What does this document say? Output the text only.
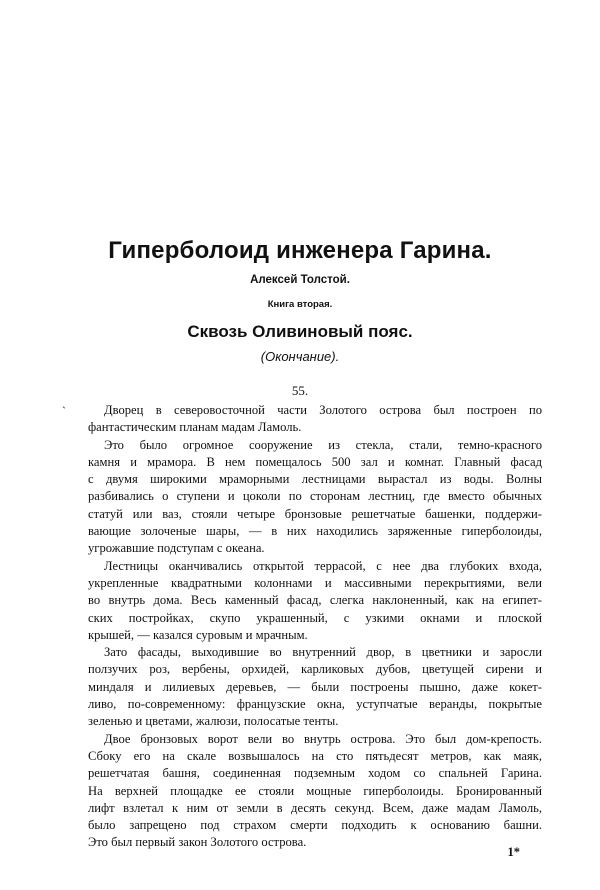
Гиперболоид инженера Гарина.
Алексей Толстой.
Книга вторая.
Сквозь Оливиновый пояс.
(Окончание).
55.
`	Дворец в северовосточной части Золотого острова был построен по
фантастическим планам мадам Ламоль.
Это было огромное сооружение из стекла, стали, темно-красного
камня и мрамора. В нем помещалось 500 зал и комнат. Главный фасад
с двумя широкими мраморными лестницами вырастал из воды. Волны
разбивались о ступени и цоколи по сторонам лестниц, где вместо обычных
статуй или ваз, стояли четыре бронзовые решетчатые башенки, поддержи-
вающие золоченые шары, — в них находились заряженные гиперболоиды,
угрожавшие подступам с океана.
Лестницы оканчивались открытой террасой, с нее два глубоких входа,
укрепленные квадратными колоннами и массивными перекрытиями, вели
во внутрь дома. Весь каменный фасад, слегка наклоненный, как на египет-
ских постройках, скупо украшенный, с узкими окнами и плоской
крышей, — казался суровым и мрачным.
Зато фасады, выходившие во внутренний двор, в цветники и заросли
ползучих роз, вербены, орхидей, карликовых дубов, цветущей сирени и
миндаля и лилиевых деревьев, — были построены пышно, даже кокет-
ливо, по-современному: французские окна, уступчатые веранды, покрытые
зеленью и цветами, жалюзи, полосатые тенты.
Двое бронзовых ворот вели во внутрь острова. Это был дом-крепость.
Сбоку его на скале возвышалось на сто пятьдесят метров, как маяк,
решетчатая башня, соединенная подземным ходом со спальней Гарина.
На верхней площадке ее стояли мощные гиперболоиды. Бронированный
лифт взлетал к ним от земли в десять секунд. Всем, даже мадам Ламоль,
было запрещено под страхом смерти подходить к основанию башни.
Это был первый закон Золотого острова.
1*
